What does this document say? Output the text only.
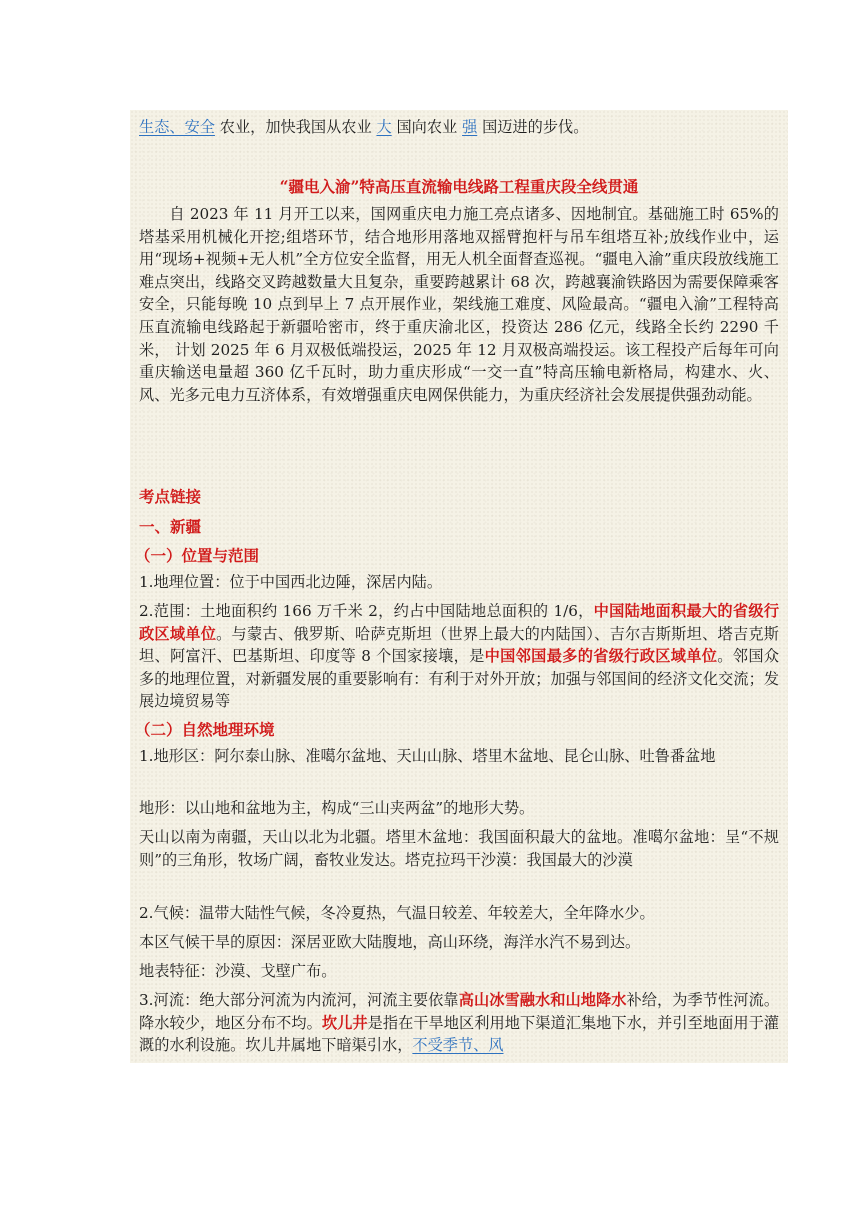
生态、安全 农业，加快我国从农业 大 国向农业 强 国迈进的步伐。
“疆电入渝”特高压直流输电线路工程重庆段全线贯通
自 2023 年 11 月开工以来，国网重庆电力施工亮点诸多、因地制宜。基础施工时 65%的塔基采用机械化开挖;组塔环节，结合地形用落地双摇臂抱杆与吊车组塔互补;放线作业中，运用“现场+视频+无人机”全方位安全监督，用无人机全面督查巡视。“疆电入渝”重庆段放线施工难点突出，线路交叉跨越数量大且复杂，重要跨越累计 68 次，跨越襄渝铁路因为需要保障乘客安全，只能每晚 10 点到早上 7 点开展作业，架线施工难度、风险最高。“疆电入渝”工程特高压直流输电线路起于新疆哈密市，终于重庆渝北区，投资达 286 亿元，线路全长约 2290 千米， 计划 2025 年 6 月双极低端投运，2025 年 12 月双极高端投运。该工程投产后每年可向重庆输送电量超 360 亿千瓦时，助力重庆形成“一交一直”特高压输电新格局，构建水、火、风、光多元电力互济体系，有效增强重庆电网保供能力，为重庆经济社会发展提供强劲动能。
考点链接
一、新疆
（一）位置与范围
1.地理位置：位于中国西北边陲，深居内陆。
2.范围：土地面积约 166 万千米 2，约占中国陆地总面积的 1/6，中国陆地面积最大的省级行政区域单位。与蒙古、俄罗斯、哈萨克斯坦（世界上最大的内陆国）、吉尔吉斯斯坦、塔吉克斯坦、阿富汗、巴基斯坦、印度等 8 个国家接壤，是中国邻国最多的省级行政区域单位。邻国众多的地理位置，对新疆发展的重要影响有：有利于对外开放；加强与邻国间的经济文化交流；发展边境贸易等
（二）自然地理环境
1.地形区：阿尔泰山脉、准噶尔盆地、天山山脉、塔里木盆地、昆仑山脉、吐鲁番盆地
地形：以山地和盆地为主，构成“三山夹两盆”的地形大势。
天山以南为南疆，天山以北为北疆。塔里木盆地：我国面积最大的盆地。准噶尔盆地：呈“不规则”的三角形，牧场广阔，畜牧业发达。塔克拉玛干沙漠：我国最大的沙漠
2.气候：温带大陆性气候，冬冷夏热，气温日较差、年较差大，全年降水少。
本区气候干旱的原因：深居亚欧大陆腹地，高山环绕，海洋水汽不易到达。
地表特征：沙漠、戈壁广布。
3.河流：绝大部分河流为内流河，河流主要依靠高山冰雪融水和山地降水补给，为季节性河流。降水较少，地区分布不均。坎儿井是指在干旱地区利用地下渠道汇集地下水，并引至地面用于灌溉的水利设施。坎儿井属地下暗渠引水，不受季节、风
